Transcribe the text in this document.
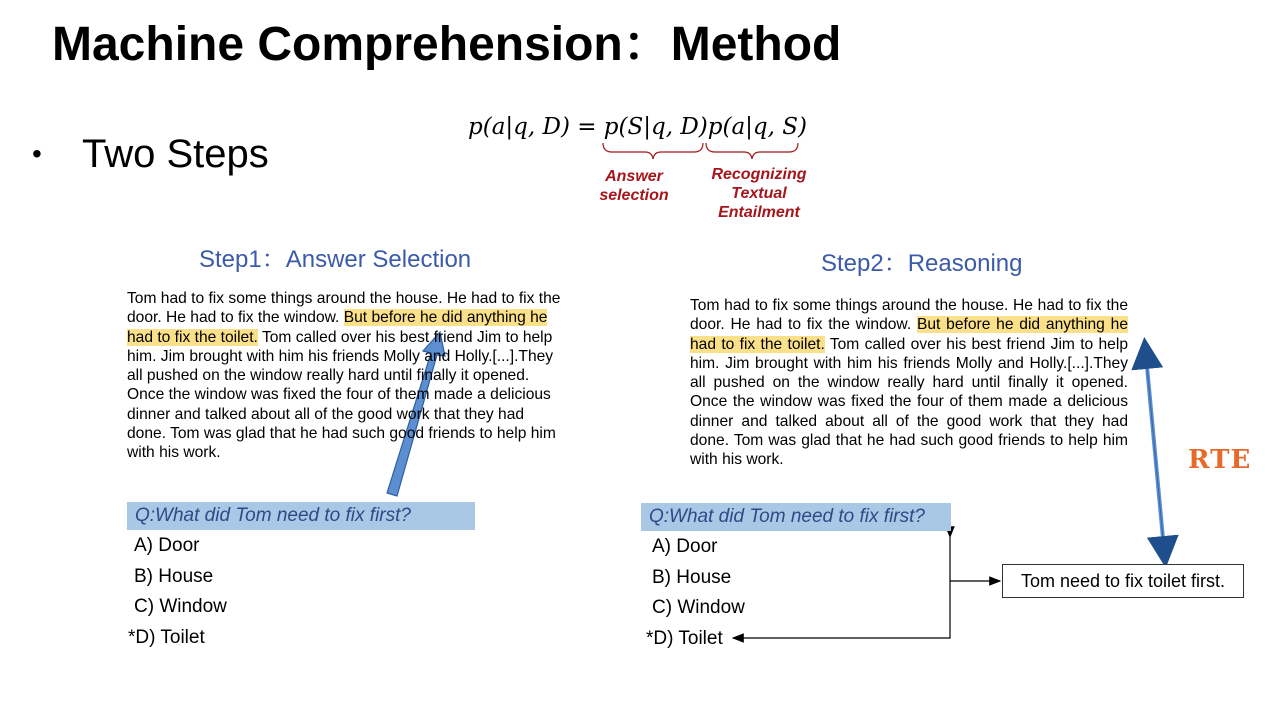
Machine Comprehension：Method
• Two Steps
p(a|q, D) = p(S|q, D)p(a|q, S)
Answer
selection
Recognizing
Textual
Entailment
Step1：Answer Selection
Tom had to fix some things around the house. He had to fix the door. He had to fix the window. But before he did anything he had to fix the toilet. Tom called over his best friend Jim to help him. Jim brought with him his friends Molly and Holly.[...].They all pushed on the window really hard until finally it opened. Once the window was fixed the four of them made a delicious dinner and talked about all of the good work that they had done. Tom was glad that he had such good friends to help him with his work.
Q:What did Tom need to fix first?
A) Door
B) House
C) Window
*D) Toilet
Step2：Reasoning
Tom had to fix some things around the house. He had to fix the door. He had to fix the window. But before he did anything he had to fix the toilet. Tom called over his best friend Jim to help him. Jim brought with him his friends Molly and Holly.[...].They all pushed on the window really hard until finally it opened. Once the window was fixed the four of them made a delicious dinner and talked about all of the good work that they had done. Tom was glad that he had such good friends to help him with his work.
Q:What did Tom need to fix first?
A) Door
B) House
C) Window
*D) Toilet
Tom need to fix toilet first.
RTE
